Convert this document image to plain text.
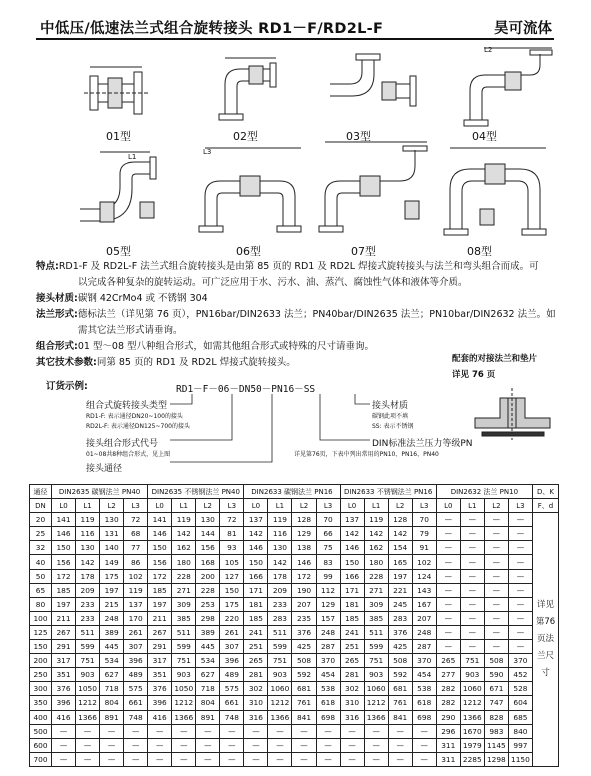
中低压/低速法兰式组合旋转接头 RD1－F/RD2L-F	昊可流体
01型	02型	03型	04型
05型	06型	07型	08型
L1
L2
L3
特点:RD1-F 及 RD2L-F 法兰式组合旋转接头是由第 85 页的 RD1 及 RD2L 焊接式旋转接头与法兰和弯头组合而成。可
以完成各种复杂的旋转运动。可广泛应用于水、污水、油、蒸汽、腐蚀性气体和液体等介质。
接头材质:碳钢 42CrMo4 或 不锈钢 304
法兰形式:德标法兰（详见第 76 页），PN16bar/DIN2633 法兰；PN40bar/DIN2635 法兰；PN10bar/DIN2632 法兰。如
需其它法兰形式请垂询。
组合形式:01 型～08 型八种组合形式，如需其他组合形式或特殊的尺寸请垂询。
其它技术参数:同第 85 页的 RD1 及 RD2L 焊接式旋转接头。	配套的对接法兰和垫片
详见 76 页
订货示例:	RD1－F－06－DN50－PN16－SS
组合式旋转接头类型
RD1-F: 表示通径DN20~100的接头
RD2L-F: 表示通径DN125~700的接头
接头组合形式代号
01~08共8种组合形式，见上图
接头通径
接头材质
碳钢此项不填
SS: 表示不锈钢
DIN标准法兰压力等级PN
详见第76页，下表中列出常用的PN10、PN16、PN40
通径	DIN2635 碳钢法兰 PN40				DIN2635 不锈钢法兰 PN40				DIN2633 碳钢法兰 PN16				DIN2633 不锈钢法兰 PN16				DIN2632 法兰 PN10				D、K
DN	L0	L1	L2	L3	L0	L1	L2	L3	L0	L1	L2	L3	L0	L1	L2	L3	L0	L1	L2	L3	F、d
20	141	119	130	72	141	119	130	72	137	119	128	70	137	119	128	70	—	—	—	—	详见第76页法兰尺寸
25	146	116	131	68	146	142	144	81	142	116	129	66	142	142	142	79	—	—	—	—	
32	150	130	140	77	150	162	156	93	146	130	138	75	146	162	154	91	—	—	—	—	
40	156	142	149	86	156	180	168	105	150	142	146	83	150	180	165	102	—	—	—	—	
50	172	178	175	102	172	228	200	127	166	178	172	99	166	228	197	124	—	—	—	—	
65	185	209	197	119	185	271	228	150	171	209	190	112	171	271	221	143	—	—	—	—	
80	197	233	215	137	197	309	253	175	181	233	207	129	181	309	245	167	—	—	—	—	
100	211	233	248	170	211	385	298	220	185	283	235	157	185	385	283	207	—	—	—	—	
125	267	511	389	261	267	511	389	261	241	511	376	248	241	511	376	248	—	—	—	—	
150	291	599	445	307	291	599	445	307	251	599	425	287	251	599	425	287	—	—	—	—	
200	317	751	534	396	317	751	534	396	265	751	508	370	265	751	508	370	265	751	508	370	
250	351	903	627	489	351	903	627	489	281	903	592	454	281	903	592	454	277	903	590	452	
300	376	1050	718	575	376	1050	718	575	302	1060	681	538	302	1060	681	538	282	1060	671	528	
350	396	1212	804	661	396	1212	804	661	310	1212	761	618	310	1212	761	618	282	1212	747	604	
400	416	1366	891	748	416	1366	891	748	316	1366	841	698	316	1366	841	698	290	1366	828	685	
500	—	—	—	—	—	—	—	—	—	—	—	—	—	—	—	—	296	1670	983	840	
600	—	—	—	—	—	—	—	—	—	—	—	—	—	—	—	—	311	1979	1145	997	
700	—	—	—	—	—	—	—	—	—	—	—	—	—	—	—	—	311	2285	1298	1150	
